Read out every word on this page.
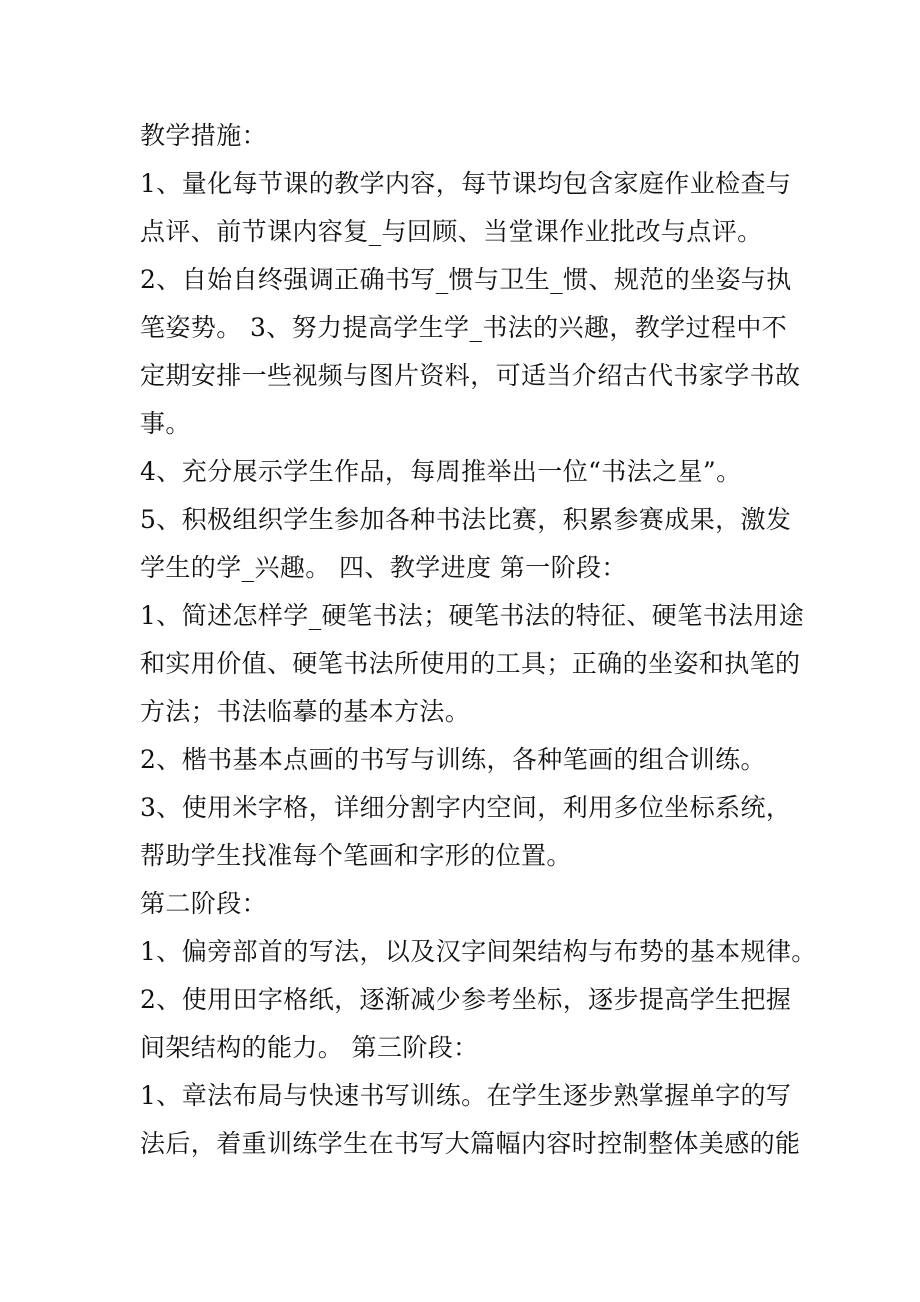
教学措施：
1、量化每节课的教学内容，每节课均包含家庭作业检查与
点评、前节课内容复_与回顾、当堂课作业批改与点评。
2、自始自终强调正确书写_惯与卫生_惯、规范的坐姿与执
笔姿势。 3、努力提高学生学_书法的兴趣，教学过程中不
定期安排一些视频与图片资料，可适当介绍古代书家学书故
事。
4、充分展示学生作品，每周推举出一位“书法之星”。
5、积极组织学生参加各种书法比赛，积累参赛成果，激发
学生的学_兴趣。 四、教学进度 第一阶段：
1、简述怎样学_硬笔书法；硬笔书法的特征、硬笔书法用途
和实用价值、硬笔书法所使用的工具；正确的坐姿和执笔的
方法；书法临摹的基本方法。
2、楷书基本点画的书写与训练，各种笔画的组合训练。
3、使用米字格，详细分割字内空间，利用多位坐标系统，
帮助学生找准每个笔画和字形的位置。
第二阶段：
1、偏旁部首的写法，以及汉字间架结构与布势的基本规律。
2、使用田字格纸，逐渐减少参考坐标，逐步提高学生把握
间架结构的能力。 第三阶段：
1、章法布局与快速书写训练。在学生逐步熟掌握单字的写
法后，着重训练学生在书写大篇幅内容时控制整体美感的能
